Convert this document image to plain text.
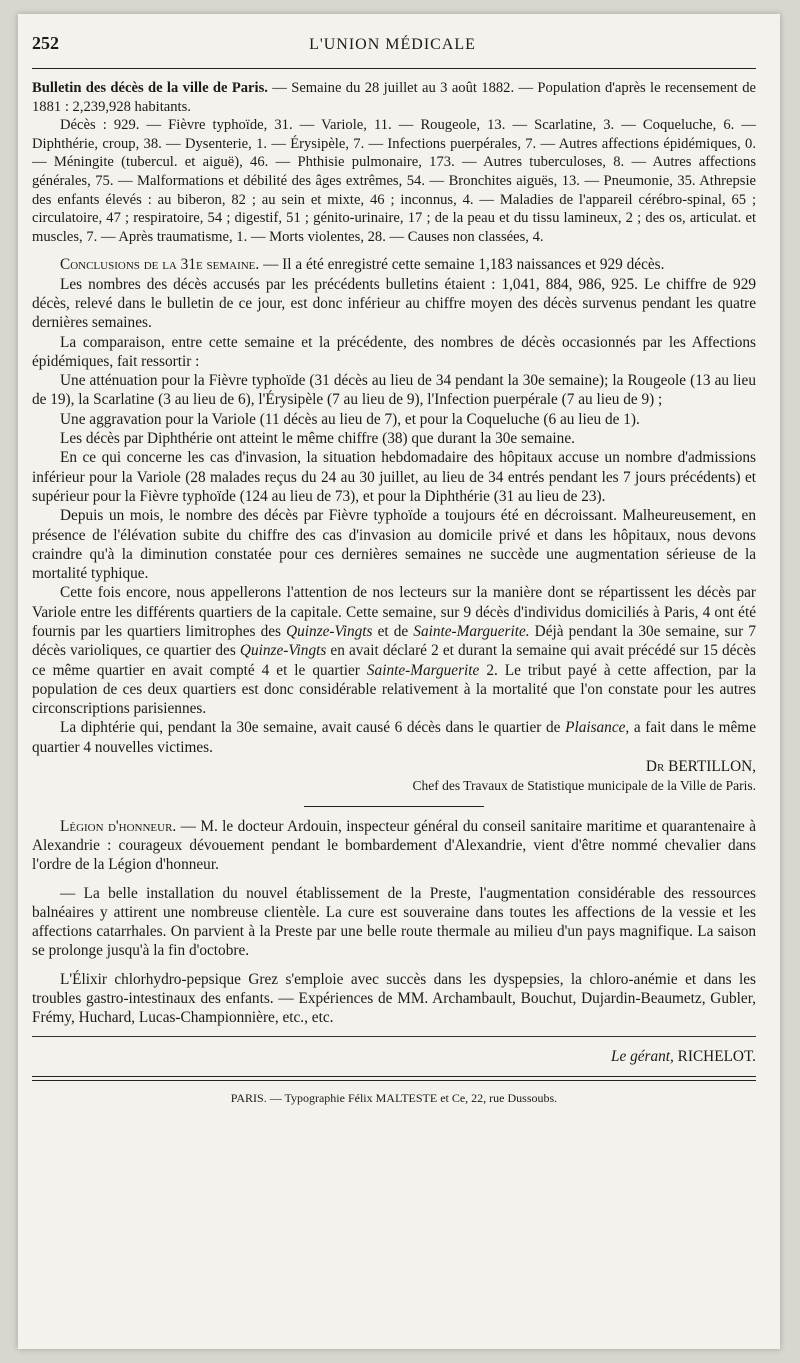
252	L'UNION MÉDICALE

Bulletin des décès de la ville de Paris. — Semaine du 28 juillet au 3 août 1882. — Population d'après le recensement de 1881 : 2,239,928 habitants.

Décès : 929. — Fièvre typhoïde, 31. — Variole, 11. — Rougeole, 13. — Scarlatine, 3. — Coqueluche, 6. — Diphthérie, croup, 38. — Dysenterie, 1. — Érysipèle, 7. — Infections puerpérales, 7. — Autres affections épidémiques, 0. — Méningite (tubercul. et aiguë), 46. — Phthisie pulmonaire, 173. — Autres tuberculoses, 8. — Autres affections générales, 75. — Malformations et débilité des âges extrêmes, 54. — Bronchites aiguës, 13. — Pneumonie, 35. Athrepsie des enfants élevés : au biberon, 82 ; au sein et mixte, 46 ; inconnus, 4. — Maladies de l'appareil cérébro-spinal, 65 ; circulatoire, 47 ; respiratoire, 54 ; digestif, 51 ; génito-urinaire, 17 ; de la peau et du tissu lamineux, 2 ; des os, articulat. et muscles, 7. — Après traumatisme, 1. — Morts violentes, 28. — Causes non classées, 4.

Conclusions de la 31e semaine. — Il a été enregistré cette semaine 1,183 naissances et 929 décès.

Les nombres des décès accusés par les précédents bulletins étaient : 1,041, 884, 986, 925. Le chiffre de 929 décès, relevé dans le bulletin de ce jour, est donc inférieur au chiffre moyen des décès survenus pendant les quatre dernières semaines.

La comparaison, entre cette semaine et la précédente, des nombres de décès occasionnés par les Affections épidémiques, fait ressortir :

Une atténuation pour la Fièvre typhoïde (31 décès au lieu de 34 pendant la 30e semaine); la Rougeole (13 au lieu de 19), la Scarlatine (3 au lieu de 6), l'Érysipèle (7 au lieu de 9), l'Infection puerpérale (7 au lieu de 9) ;

Une aggravation pour la Variole (11 décès au lieu de 7), et pour la Coqueluche (6 au lieu de 1).

Les décès par Diphthérie ont atteint le même chiffre (38) que durant la 30e semaine.

En ce qui concerne les cas d'invasion, la situation hebdomadaire des hôpitaux accuse un nombre d'admissions inférieur pour la Variole (28 malades reçus du 24 au 30 juillet, au lieu de 34 entrés pendant les 7 jours précédents) et supérieur pour la Fièvre typhoïde (124 au lieu de 73), et pour la Diphthérie (31 au lieu de 23).

Depuis un mois, le nombre des décès par Fièvre typhoïde a toujours été en décroissant. Malheureusement, en présence de l'élévation subite du chiffre des cas d'invasion au domicile privé et dans les hôpitaux, nous devons craindre qu'à la diminution constatée pour ces dernières semaines ne succède une augmentation sérieuse de la mortalité typhique.

Cette fois encore, nous appellerons l'attention de nos lecteurs sur la manière dont se répartissent les décès par Variole entre les différents quartiers de la capitale. Cette semaine, sur 9 décès d'individus domiciliés à Paris, 4 ont été fournis par les quartiers limitrophes des Quinze-Vingts et de Sainte-Marguerite. Déjà pendant la 30e semaine, sur 7 décès varioliques, ce quartier des Quinze-Vingts en avait déclaré 2 et durant la semaine qui avait précédé sur 15 décès ce même quartier en avait compté 4 et le quartier Sainte-Marguerite 2. Le tribut payé à cette affection, par la population de ces deux quartiers est donc considérable relativement à la mortalité que l'on constate pour les autres circonscriptions parisiennes.

La diphtérie qui, pendant la 30e semaine, avait causé 6 décès dans le quartier de Plaisance, a fait dans le même quartier 4 nouvelles victimes.

Dr BERTILLON,

Chef des Travaux de Statistique municipale de la Ville de Paris.

Légion d'honneur. — M. le docteur Ardouin, inspecteur général du conseil sanitaire maritime et quarantenaire à Alexandrie : courageux dévouement pendant le bombardement d'Alexandrie, vient d'être nommé chevalier dans l'ordre de la Légion d'honneur.

— La belle installation du nouvel établissement de la Preste, l'augmentation considérable des ressources balnéaires y attirent une nombreuse clientèle. La cure est souveraine dans toutes les affections de la vessie et les affections catarrhales. On parvient à la Preste par une belle route thermale au milieu d'un pays magnifique. La saison se prolonge jusqu'à la fin d'octobre.

L'Élixir chlorhydro-pepsique Grez s'emploie avec succès dans les dyspepsies, la chloro-anémie et dans les troubles gastro-intestinaux des enfants. — Expériences de MM. Archambault, Bouchut, Dujardin-Beaumetz, Gubler, Frémy, Huchard, Lucas-Championnière, etc., etc.

Le gérant, RICHELOT.

PARIS. — Typographie Félix MALTESTE et Ce, 22, rue Dussoubs.
